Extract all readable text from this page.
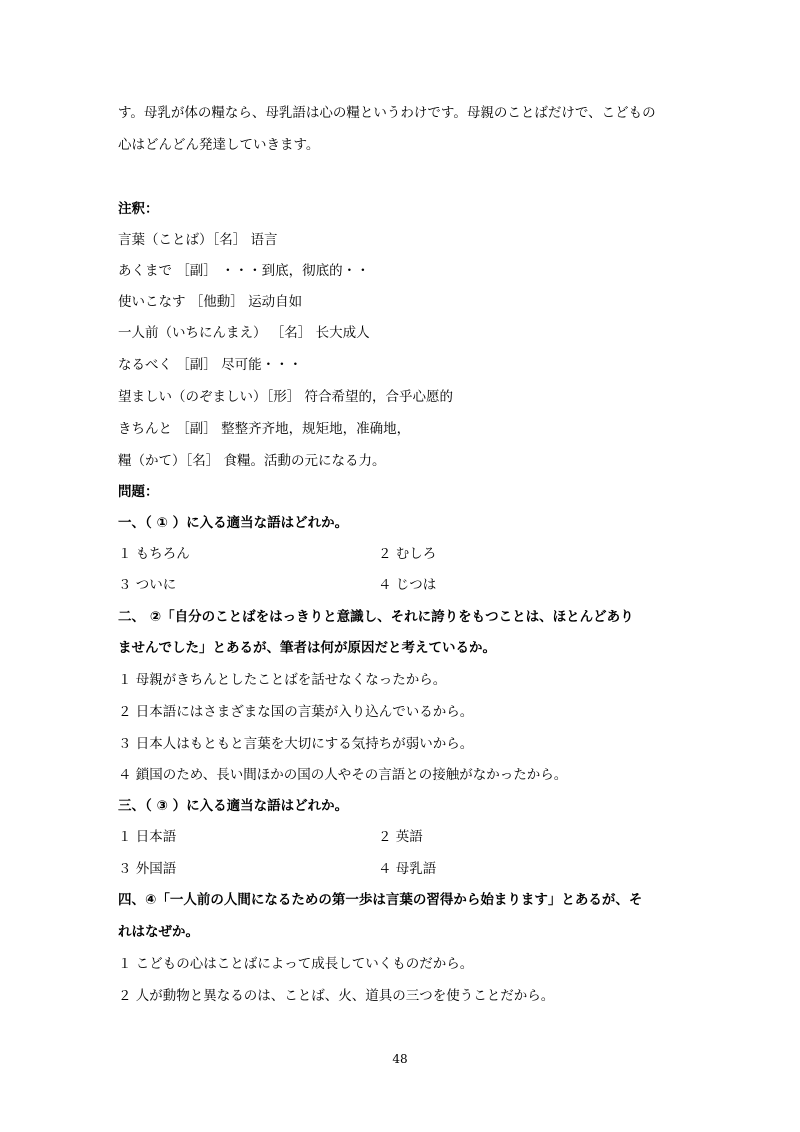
す。母乳が体の糧なら、母乳語は心の糧というわけです。母親のことばだけで、こどもの
心はどんどん発達していきます。
注釈：
言葉（ことば）［名］ 语言
あくまで ［副］ ・・・到底，彻底的・・
使いこなす ［他動］ 运动自如
一人前（いちにんまえ） ［名］ 长大成人
なるべく ［副］ 尽可能・・・
望ましい（のぞましい）［形］ 符合希望的，合乎心愿的
きちんと ［副］ 整整齐齐地，规矩地，准确地，
糧（かて）［名］ 食糧。活動の元になる力。
問題：
一、（ ① ）に入る適当な語はどれか。
１ もちろん	２ むしろ
３ ついに	４ じつは
二、 ②「自分のことばをはっきりと意識し、それに誇りをもつことは、ほとんどあり
ませんでした」とあるが、筆者は何が原因だと考えているか。
１ 母親がきちんとしたことばを話せなくなったから。
２ 日本語にはさまざまな国の言葉が入り込んでいるから。
３ 日本人はもともと言葉を大切にする気持ちが弱いから。
４ 鎖国のため、長い間ほかの国の人やその言語との接触がなかったから。
三、（ ③ ）に入る適当な語はどれか。
１ 日本語	２ 英語
３ 外国語	４ 母乳語
四、④「一人前の人間になるための第一歩は言葉の習得から始まります」とあるが、そ
れはなぜか。
１ こどもの心はことばによって成長していくものだから。
２ 人が動物と異なるのは、ことば、火、道具の三つを使うことだから。
48
